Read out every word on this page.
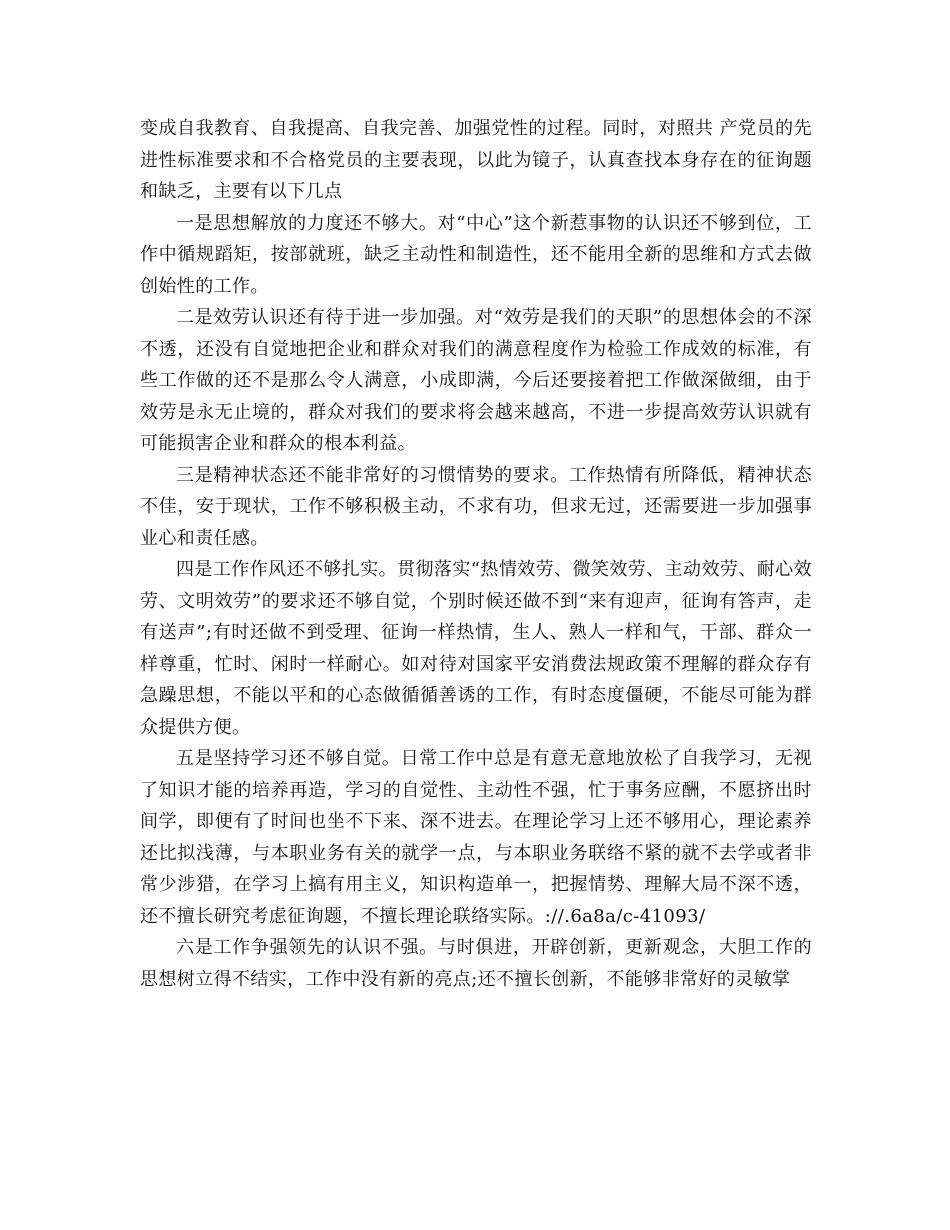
变成自我教育、自我提高、自我完善、加强党性的过程。同时，对照共 产党员的先进性标准要求和不合格党员的主要表现，以此为镜子，认真查找本身存在的征询题和缺乏，主要有以下几点

一是思想解放的力度还不够大。对“中心”这个新惹事物的认识还不够到位，工作中循规蹈矩，按部就班，缺乏主动性和制造性，还不能用全新的思维和方式去做创始性的工作。

二是效劳认识还有待于进一步加强。对“效劳是我们的天职”的思想体会的不深不透，还没有自觉地把企业和群众对我们的满意程度作为检验工作成效的标准，有些工作做的还不是那么令人满意，小成即满，今后还要接着把工作做深做细，由于效劳是永无止境的，群众对我们的要求将会越来越高，不进一步提高效劳认识就有可能损害企业和群众的根本利益。

三是精神状态还不能非常好的习惯情势的要求。工作热情有所降低，精神状态不佳，安于现状，工作不够积极主动，不求有功，但求无过，还需要进一步加强事业心和责任感。

四是工作作风还不够扎实。贯彻落实“热情效劳、微笑效劳、主动效劳、耐心效劳、文明效劳”的要求还不够自觉，个别时候还做不到“来有迎声，征询有答声，走有送声”;有时还做不到受理、征询一样热情，生人、熟人一样和气，干部、群众一样尊重，忙时、闲时一样耐心。如对待对国家平安消费法规政策不理解的群众存有急躁思想，不能以平和的心态做循循善诱的工作，有时态度僵硬，不能尽可能为群众提供方便。

五是坚持学习还不够自觉。日常工作中总是有意无意地放松了自我学习，无视了知识才能的培养再造，学习的自觉性、主动性不强，忙于事务应酬，不愿挤出时间学，即便有了时间也坐不下来、深不进去。在理论学习上还不够用心，理论素养还比拟浅薄，与本职业务有关的就学一点，与本职业务联络不紧的就不去学或者非常少涉猎，在学习上搞有用主义，知识构造单一，把握情势、理解大局不深不透，还不擅长研究考虑征询题，不擅长理论联络实际。://.6a8a/c-41093/

六是工作争强领先的认识不强。与时俱进，开辟创新，更新观念，大胆工作的思想树立得不结实，工作中没有新的亮点;还不擅长创新，不能够非常好的灵敏掌
